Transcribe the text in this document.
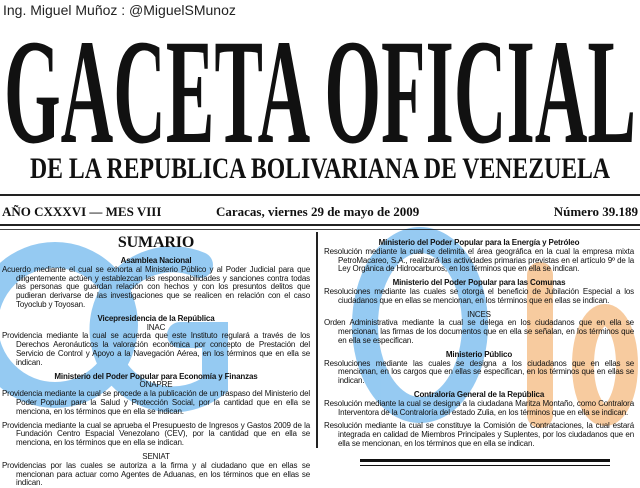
Ing. Miguel Muñoz : @MiguelSMunoz
GACETA OFICIAL
DE LA REPUBLICA BOLIVARIANA DE VENEZUELA
AÑO CXXXVI — MES VIII	Caracas, viernes 29 de mayo de 2009	Número 39.189
SUMARIO
Asamblea Nacional
Acuerdo mediante el cual se exhorta al Ministerio Público y al Poder Judicial para que diligentemente actúen y establezcan las responsabilidades y sanciones contra todas las personas que guardan relación con hechos y con los presuntos delitos que pudieran derivarse de las investigaciones que se realicen en relación con el caso Toyoclub y Toyosan.
Vicepresidencia de la República
INAC
Providencia mediante la cual se acuerda que este Instituto regulará a través de los Derechos Aeronáuticos la valoración económica por concepto de Prestación del Servicio de Control y Apoyo a la Navegación Aérea, en los términos que en ella se indican.
Ministerio del Poder Popular para Economía y Finanzas
ONAPRE
Providencia mediante la cual se procede a la publicación de un traspaso del Ministerio del Poder Popular para la Salud y Protección Social, por la cantidad que en ella se menciona, en los términos que en ella se indican.
Providencia mediante la cual se aprueba el Presupuesto de Ingresos y Gastos 2009 de la Fundación Centro Espacial Venezolano (CEV), por la cantidad que en ella se menciona, en los términos que en ella se indican.
SENIAT
Providencias por las cuales se autoriza a la firma y al ciudadano que en ellas se mencionan para actuar como Agentes de Aduanas, en los términos que en ellas se indican.
Ministerio del Poder Popular para la Energía y Petróleo
Resolución mediante la cual se delimita el área geográfica en la cual la empresa mixta PetroMacareo, S.A., realizará las actividades primarias previstas en el artículo 9º de la Ley Orgánica de Hidrocarburos, en los términos que en ella se indican.
Ministerio del Poder Popular para las Comunas
Resoluciones mediante las cuales se otorga el beneficio de Jubilación Especial a los ciudadanos que en ellas se mencionan, en los términos que en ellas se indican.
INCES
Orden Administrativa mediante la cual se delega en los ciudadanos que en ella se mencionan, las firmas de los documentos que en ella se señalan, en los términos que en ella se especifican.
Ministerio Público
Resoluciones mediante las cuales se designa a los ciudadanos que en ellas se mencionan, en los cargos que en ellas se especifican, en los términos que en ellas se indican.
Contraloría General de la República
Resolución mediante la cual se designa a la ciudadana Maritza Montaño, como Contralora Interventora de la Contraloría del estado Zulia, en los términos que en ella se indican.
Resolución mediante la cual se constituye la Comisión de Contrataciones, la cual estará integrada en calidad de Miembros Principales y Suplentes, por los ciudadanos que en ella se mencionan, en los términos que en ella se indican.
